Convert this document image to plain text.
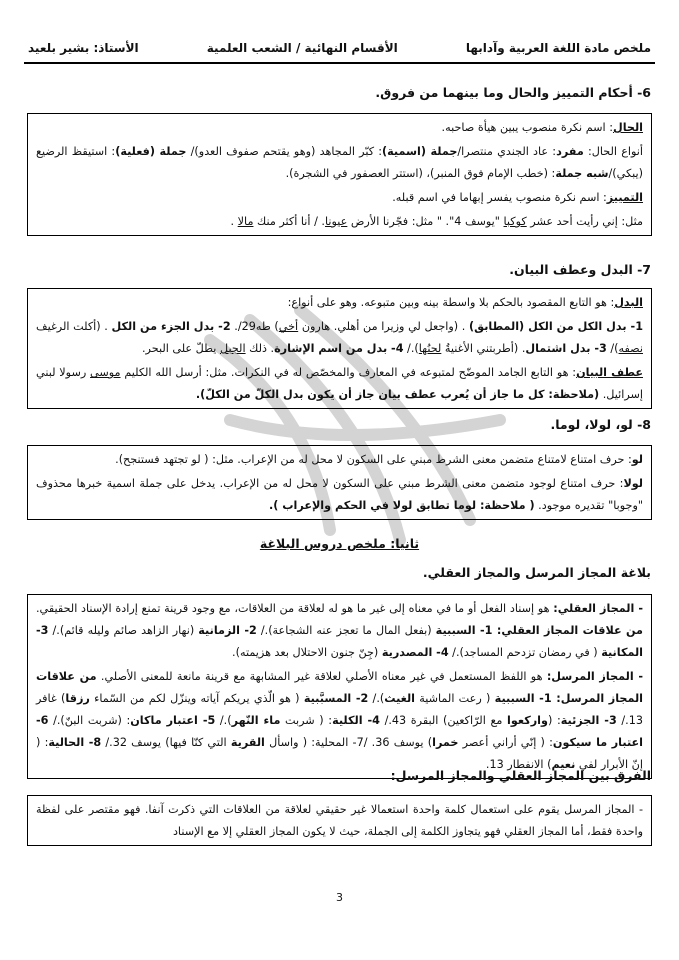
ملخص مادة اللغة العربية وآدابها
الأقسام النهائية / الشعب العلمية
الأستاذ: بشير بلعيد
6- أحكام التمييز والحال وما بينهما من فروق.

الحال: اسم نكرة منصوب يبين هيأة صاحبه.

أنواع الحال: مفرد: عاد الجندي منتصرا/جملة (اسمية): كبّر المجاهد (وهو يقتحم صفوف العدو)/ جملة (فعلية): استيقظ الرضيع (يبكي)/شبه جملة: (خطب الإمام فوق المنبر)، (استتر العصفور في الشجرة).

التمييز: اسم نكرة منصوب يفسر إبهاما في اسم قبله.

مثل: إني رأيت أحد عشر كوكبا "يوسف 4". " مثل: فجّرنا الأرض عيونا. / أنا أكثر منك مالا .

7- البدل وعطف البيان.

البدل: هو التابع المقصود بالحكم بلا واسطة بينه وبين متبوعه. وهو على أنواع:

1- بدل الكل من الكل (المطابق) . (واجعل لي وزيرا من أهلي. هارون أخي) طه29/. 2- بدل الجزء من الكل . (أكلت الرغيف نصفه)/ 3- بدل اشتمال. (أطربتني الأغنيةُ لحنُها)./ 4- بدل من اسم الإشارة. ذلك الجبل يطلّ على البحر.

عطف البيان: هو التابع الجامد الموضّح لمتبوعه في المعارف والمخصّص له في النكرات. مثل: أرسل الله الكليم موسى رسولا لبني إسرائيل. (ملاحظة: كل ما جاز أن يُعرب عطف بيان جاز أن يكون بدل الكلّ من الكلّ).

8- لو، لولا، لوما.

لو: حرف امتناع لامتناع متضمن معنى الشرط مبني على السكون لا محل له من الإعراب. مثل: ( لو تجتهد فستنجح).

لولا: حرف امتناع لوجود متضمن معنى الشرط مبني على السكون لا محل له من الإعراب. يدخل على جملة اسمية خبرها محذوف "وجوبا" تقديره موجود. ( ملاحظة: لوما تطابق لولا في الحكم والإعراب ).

ثانيا: ملخص دروس البلاغة
بلاغة المجاز المرسل والمجاز العقلي.

- المجاز العقلي: هو إسناد الفعل أو ما في معناه إلى غير ما هو له لعلاقة من العلاقات، مع وجود قرينة تمنع إرادة الإسناد الحقيقي. من علاقات المجاز العقلي: 1- السببية (بفعل المال ما تعجز عنه الشجاعة)./ 2- الزمانية (نهار الزاهد صائم وليله قائم)./ 3- المكانية ( في رمضان تزدحم المساجد)./ 4- المصدرية (جِنّ جنون الاحتلال بعد هزيمته).

- المجاز المرسل: هو اللفظ المستعمل في غير معناه الأصلي لعلاقة غير المشابهة مع قرينة مانعة للمعنى الأصلي. من علاقات المجاز المرسل: 1- السببية ( رعت الماشية الغيث)./ 2- المسبَّبية ( هو الّذي يريكم آياته وينزّل لكم من السّماء رزقا) غافر 13./ 3- الجزئية: (واركعوا مع الرّاكعين) البقرة 43./ 4- الكلية: ( شربت ماء النّهر)./ 5- اعتبار ماكان: (شربت البنّ)./ 6- اعتبار ما سيكون: ( إنّي أراني أعصر خمرا) يوسف 36. /7- المحلية: ( واسأل القرية التي كنّا فيها) يوسف 32./ 8- الحالية: ( إنّ الأبرار لفي نعيم) الانفطار 13.

الفرق بين المجاز العقلي والمجاز المرسل:

- المجاز المرسل يقوم على استعمال كلمة واحدة استعمالا غير حقيقي لعلاقة من العلاقات التي ذكرت آنفا. فهو مقتصر على لفظة واحدة فقط، أما المجاز العقلي فهو يتجاوز الكلمة إلى الجملة، حيث لا يكون المجاز العقلي إلا مع الإسناد

3
